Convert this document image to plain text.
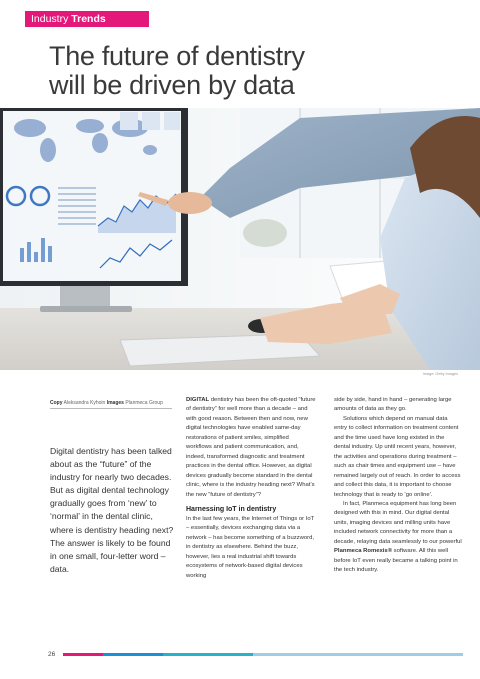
Industry Trends
The future of dentistry
will be driven by data
Image: Getty Images
Copy Aleksandra Kyhoin Images Planmeca Group
Digital dentistry has been talked about as the “future” of the industry for nearly two decades. But as digital dental technology gradually goes from ‘new’ to ‘normal’ in the dental clinic, where is dentistry heading next? The answer is likely to be found in one small, four-letter word – data.

DIGITAL dentistry has been the oft-quoted “future of dentistry” for well more than a decade – and with good reason. Between then and now, new digital technologies have enabled same-day restorations of patient smiles, simplified workflows and patient communication, and, indeed, transformed diagnostic and treatment practices in the dental office. However, as digital devices gradually become standard in the dental clinic, where is the industry heading next? What’s the new “future of dentistry”?

Harnessing IoT in dentistry

In the last few years, the Internet of Things or IoT – essentially, devices exchanging data via a network – has become something of a buzzword, in dentistry as elsewhere. Behind the buzz, however, lies a real industrial shift towards ecosystems of network-based digital devices working

side by side, hand in hand – generating large amounts of data as they go.

Solutions which depend on manual data entry to collect information on treatment content and the time used have long existed in the dental industry. Up until recent years, however, the activities and operations during treatment – such as chair times and equipment use – have remained largely out of reach. In order to access and collect this data, it is important to choose technology that is ready to ‘go online’.

In fact, Planmeca equipment has long been designed with this in mind. Our digital dental units, imaging devices and milling units have included network connectivity for more than a decade, relaying data seamlessly to our powerful Planmeca Romexis® software. All this well before IoT even really became a talking point in the tech industry.

26
